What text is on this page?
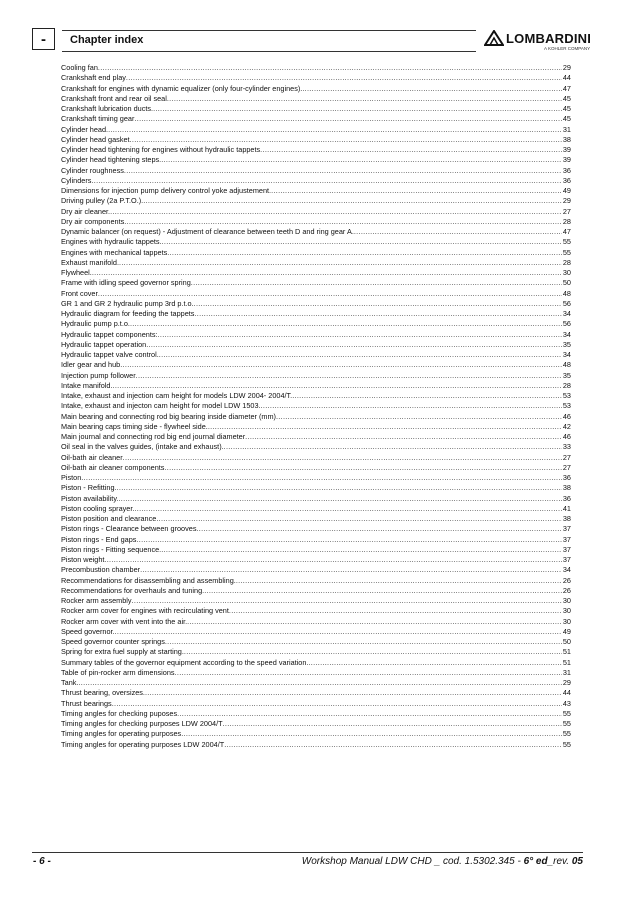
-	Chapter index	LOMBARDINI
A KOHLER COMPANY
Cooling fan .....	29
Crankshaft end play .....	44
Crankshaft for engines with dynamic equalizer (only four-cylinder engines). .....	47
Crankshaft front and rear oil seal .....	45
Crankshaft lubrication ducts. .....	45
Crankshaft timing gear .....	45
Cylinder head. .....	31
Cylinder head gasket .....	38
Cylinder head tightening for engines without hydraulic tappets .....	39
Cylinder head tightening steps. .....	39
Cylinder roughness .....	36
Cylinders .....	36
Dimensions for injection pump delivery control yoke adjustement. .....	49
Driving pulley (2a P.T.O.). .....	29
Dry air cleaner. .....	27
Dry air components .....	28
Dynamic balancer (on request) - Adjustment of clearance between teeth D and ring gear A. .....	47
Engines with hydraulic tappets. .....	55
Engines with mechanical tappets .....	55
Exhaust manifold. .....	28
Flywheel. .....	30
Frame with idling speed governor spring .....	50
Front cover .....	48
GR 1 and GR 2 hydraulic pump 3rd p.t.o. .....	56
Hydraulic diagram for feeding the tappets .....	34
Hydraulic pump p.t.o. .....	56
Hydraulic tappet components: .....	34
Hydraulic tappet operation .....	35
Hydraulic tappet valve control. .....	34
Idler gear and hub .....	48
Injection pump follower .....	35
Intake manifold. .....	28
Intake, exhaust and injection cam height for models LDW 2004- 2004/T. .....	53
Intake, exhaust and injecton cam height for model LDW 1503. .....	53
Main bearing and connecting rod big bearing inside diameter (mm) .....	46
Main bearing caps timing side - flywheel side. .....	42
Main journal and connecting rod big end journal diameter .....	46
Oil seal in the valves guides, (intake and exhaust). .....	33
Oil-bath air cleaner .....	27
Oil-bath air cleaner components .....	27
Piston .....	36
Piston - Refitting. .....	38
Piston availability. .....	36
Piston cooling sprayer. .....	41
Piston position and clearance .....	38
Piston rings - Clearance between grooves .....	37
Piston rings - End gaps .....	37
Piston rings - Fitting sequence. .....	37
Piston weight .....	37
Precombustion chamber .....	34
Recommendations for disassembling and assembling. .....	26
Recommendations for overhauls and tuning. .....	26
Rocker arm assembly .....	30
Rocker arm cover for engines with recirculating vent .....	30
Rocker arm cover with vent into the air. .....	30
Speed governor. .....	49
Speed governor counter springs .....	50
Spring for extra fuel supply at starting. .....	51
Summary tables of the governor equipment according to the speed variation. .....	51
Table of pin-rocker arm dimensions .....	31
Tank. .....	29
Thrust bearing, oversizes. .....	44
Thrust bearings .....	43
Timing angles for checking puposes .....	55
Timing angles for checking purposes LDW 2004/T .....	55
Timing angles for operating purposes .....	55
Timing angles for operating purposes LDW 2004/T .....	55
- 6 -	Workshop Manual LDW CHD _ cod. 1.5302.345 - 6° ed_rev. 05
